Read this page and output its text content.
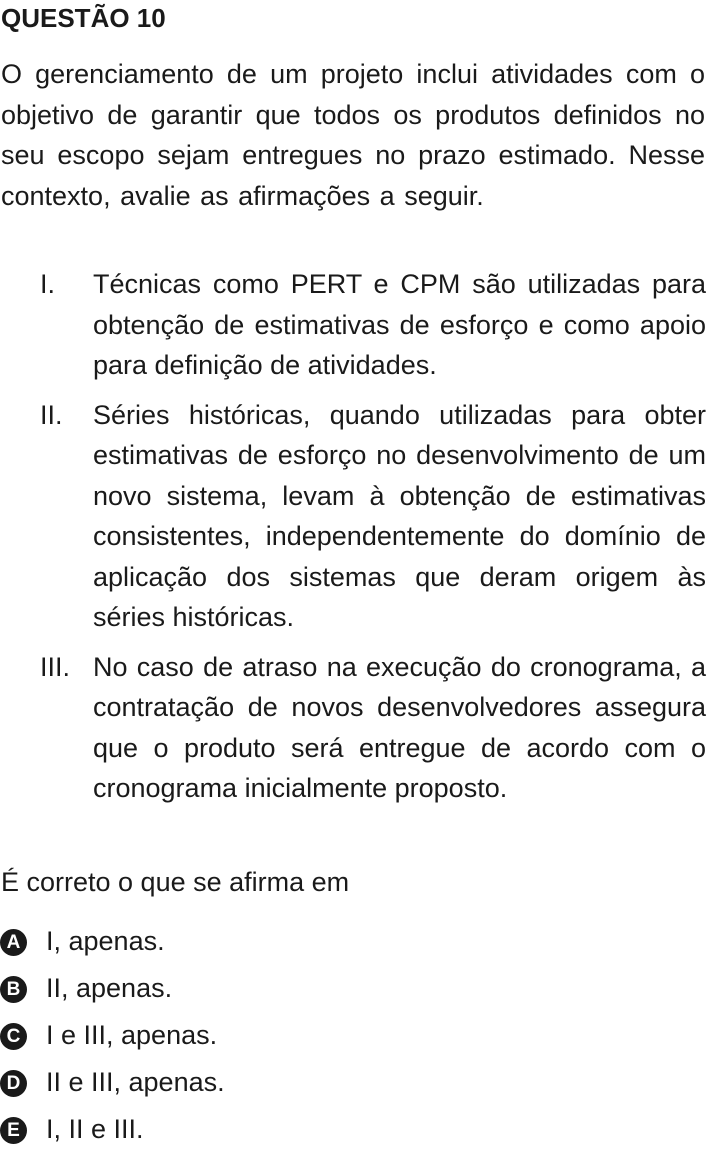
QUESTÃO 10

O gerenciamento de um projeto inclui atividades com o objetivo de garantir que todos os produtos definidos no seu escopo sejam entregues no prazo estimado. Nesse contexto, avalie as afirmações a seguir.

I.	Técnicas como PERT e CPM são utilizadas para obtenção de estimativas de esforço e como apoio para definição de atividades.

II.	Séries históricas, quando utilizadas para obter estimativas de esforço no desenvolvimento de um novo sistema, levam à obtenção de estimativas consistentes, independentemente do domínio de aplicação dos sistemas que deram origem às séries históricas.

III. No caso de atraso na execução do cronograma, a contratação de novos desenvolvedores assegura que o produto será entregue de acordo com o cronograma inicialmente proposto.

É correto o que se afirma em

A I, apenas.
B II, apenas.
C I e III, apenas.
D II e III, apenas.
E I, II e III.
